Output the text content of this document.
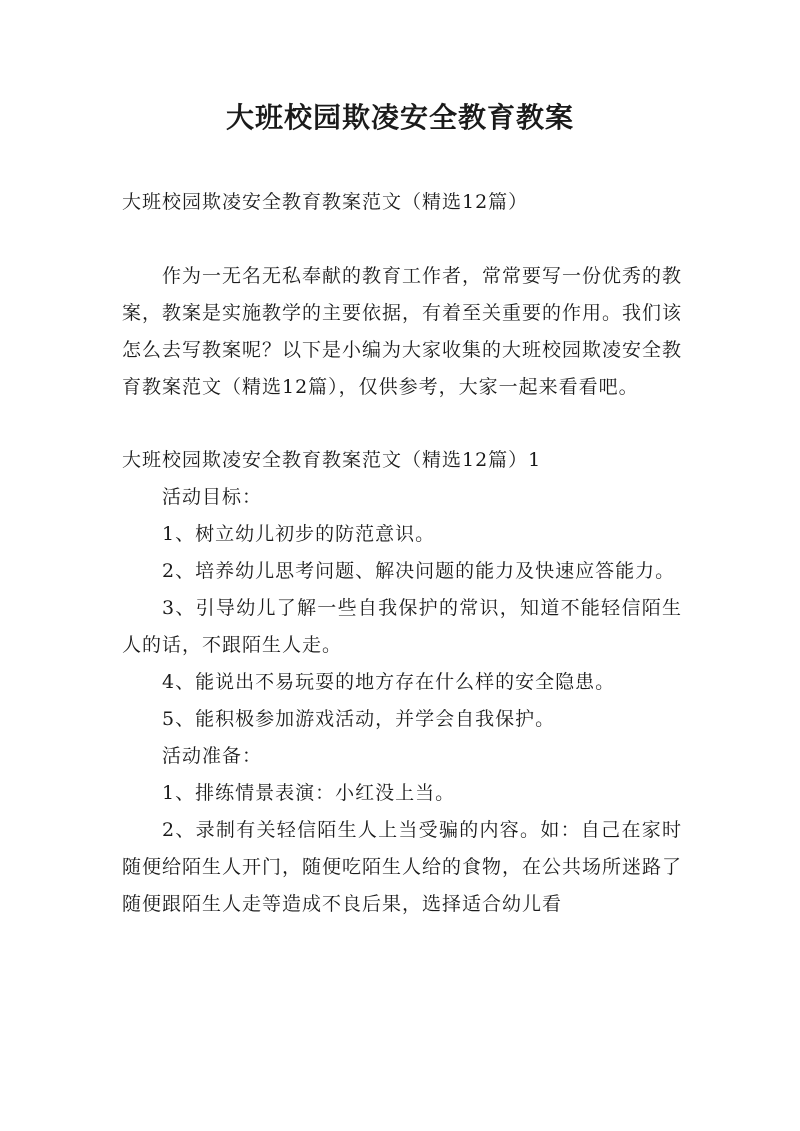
大班校园欺凌安全教育教案

大班校园欺凌安全教育教案范文（精选12篇）

作为一无名无私奉献的教育工作者，常常要写一份优秀的教案，教案是实施教学的主要依据，有着至关重要的作用。我们该怎么去写教案呢？以下是小编为大家收集的大班校园欺凌安全教育教案范文（精选12篇），仅供参考，大家一起来看看吧。

大班校园欺凌安全教育教案范文（精选12篇）1

活动目标：

1、树立幼儿初步的防范意识。

2、培养幼儿思考问题、解决问题的能力及快速应答能力。

3、引导幼儿了解一些自我保护的常识，知道不能轻信陌生人的话，不跟陌生人走。

4、能说出不易玩耍的地方存在什么样的安全隐患。

5、能积极参加游戏活动，并学会自我保护。

活动准备：

1、排练情景表演：小红没上当。

2、录制有关轻信陌生人上当受骗的内容。如：自己在家时随便给陌生人开门，随便吃陌生人给的食物，在公共场所迷路了随便跟陌生人走等造成不良后果，选择适合幼儿看
